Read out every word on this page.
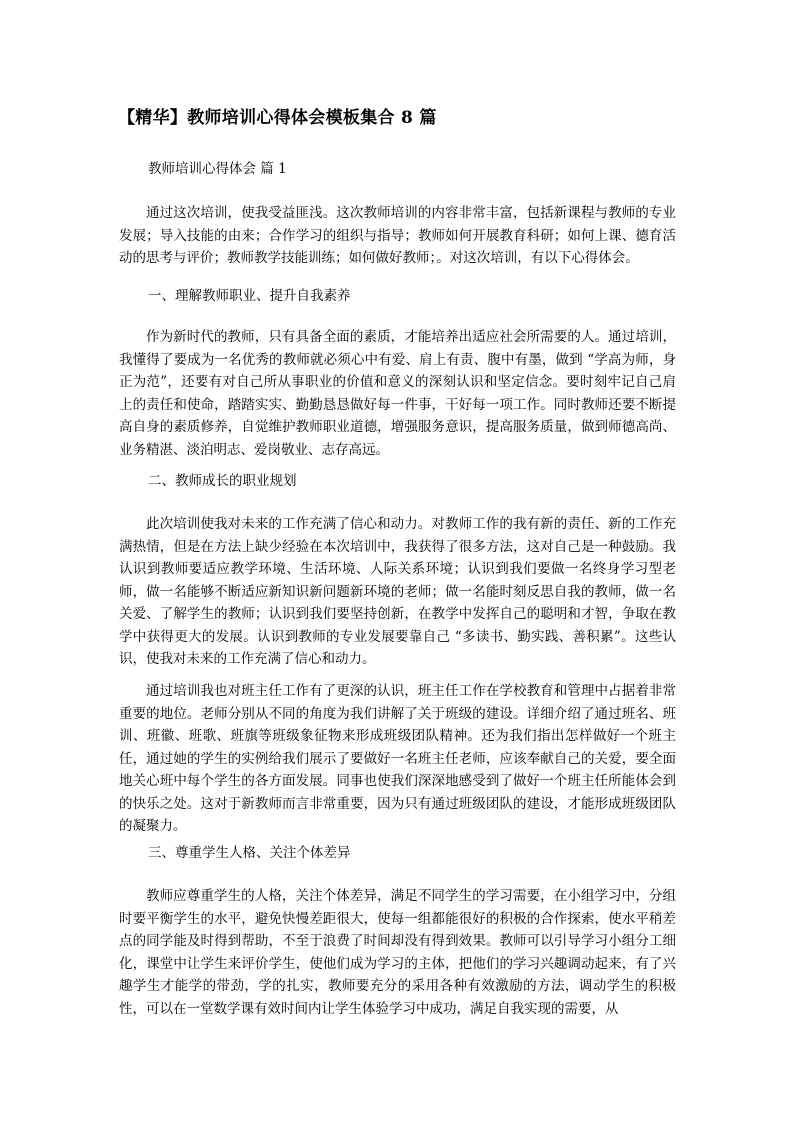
【精华】教师培训心得体会模板集合 8 篇
教师培训心得体会 篇 1

通过这次培训，使我受益匪浅。这次教师培训的内容非常丰富，包括新课程与教师的专业发展；导入技能的由来；合作学习的组织与指导；教师如何开展教育科研；如何上课、德育活动的思考与评价；教师教学技能训练；如何做好教师；。对这次培训，有以下心得体会。

一、理解教师职业、提升自我素养

作为新时代的教师，只有具备全面的素质，才能培养出适应社会所需要的人。通过培训，我懂得了要成为一名优秀的教师就必须心中有爱、肩上有责、腹中有墨，做到 “学高为师，身正为范”，还要有对自己所从事职业的价值和意义的深刻认识和坚定信念。要时刻牢记自己肩上的责任和使命，踏踏实实、勤勤恳恳做好每一件事，干好每一项工作。同时教师还要不断提高自身的素质修养，自觉维护教师职业道德，增强服务意识，提高服务质量，做到师德高尚、业务精湛、淡泊明志、爱岗敬业、志存高远。

二、教师成长的职业规划

此次培训使我对未来的工作充满了信心和动力。对教师工作的我有新的责任、新的工作充满热情，但是在方法上缺少经验在本次培训中，我获得了很多方法，这对自己是一种鼓励。我认识到教师要适应教学环境、生活环境、人际关系环境；认识到我们要做一名终身学习型老师，做一名能够不断适应新知识新问题新环境的老师；做一名能时刻反思自我的教师，做一名关爱、了解学生的教师；认识到我们要坚持创新，在教学中发挥自己的聪明和才智，争取在教学中获得更大的发展。认识到教师的专业发展要靠自己 “多读书、勤实践、善积累”。这些认识，使我对未来的工作充满了信心和动力。

通过培训我也对班主任工作有了更深的认识，班主任工作在学校教育和管理中占据着非常重要的地位。老师分别从不同的角度为我们讲解了关于班级的建设。详细介绍了通过班名、班训、班徽、班歌、班旗等班级象征物来形成班级团队精神。还为我们指出怎样做好一个班主任，通过她的学生的实例给我们展示了要做好一名班主任老师，应该奉献自己的关爱，要全面地关心班中每个学生的各方面发展。同事也使我们深深地感受到了做好一个班主任所能体会到的快乐之处。这对于新教师而言非常重要，因为只有通过班级团队的建设，才能形成班级团队的凝聚力。

三、尊重学生人格、关注个体差异

教师应尊重学生的人格，关注个体差异，满足不同学生的学习需要，在小组学习中，分组时要平衡学生的水平，避免快慢差距很大，使每一组都能很好的积极的合作探索，使水平稍差点的同学能及时得到帮助，不至于浪费了时间却没有得到效果。教师可以引导学习小组分工细化，课堂中让学生来评价学生，使他们成为学习的主体，把他们的学习兴趣调动起来，有了兴趣学生才能学的带劲，学的扎实，教师要充分的采用各种有效激励的方法，调动学生的积极性，可以在一堂数学课有效时间内让学生体验学习中成功，满足自我实现的需要，从
